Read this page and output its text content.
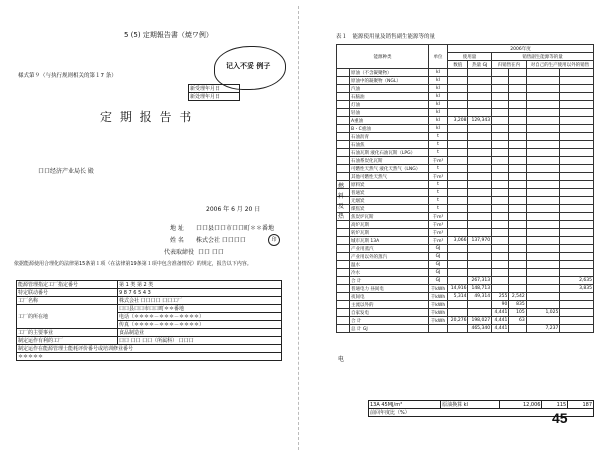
5 (5) 定期報告書（焼ワ例）
记入不妥 例子
様式第９（与执行规则相关的第１7 条）
新受理年月日
新处理年月日
定 期 报 告 书
口口经济产业局长 殿
2006 年 6 月 20 日
地 址 口口县口口市口口町＊＊番地
姓 名 株式会社 口口口口	印
代表取締役 口口 口口
依据能源使用合理化的法律第15条第１项（在法律第19条第１项中包含准备情况）的规定，报告以下内容。
能源管理指定工厂指定番号	第 1 类 第 2 类
特定联动番号	9 8 7 6 5 4 3
工厂名称	株式会社 口口口口 口口工厂
工厂的所在地	口口县口口市口口町＊＊番地
	电话（＊＊＊＊－＊＊＊－＊＊＊＊）
	传真（＊＊＊＊－＊＊＊－＊＊＊＊）
工厂的主要事业	食品制造业
制定运作有利的工厂	口口 口口 口口（所属科） 口口口
制定运作在能源管理士能耗评价番号或培训修业番号	
＊＊＊＊＊	
表１　能源使用量及销售副生能源等的量
能源种类		单位	2006年度					
			使用量		销售副生能源等的量			
			数值	热量 GJ	归销售在内		对自己的生产使用以外的销售	
	原油（不含凝聚物）	kl						
	原油中的凝聚物（NGL）	kl						
	汽油	kl						
	石脑油	kl						
	灯油	kl						
	轻油	kl						
	A重油	kl	3,208	129,343				
	B・C重油	kl						
	石油沥青	t						
	石油焦	t						
	石油瓦斯 液化石油瓦斯（LPG）	t						
	石油系炭化瓦斯	千m³						
	可燃性天然气 液化天然气（LNG）	t						
	其他可燃性天然气	千m³						
	原料炭	t						
	普通炭	t						
	无烟炭	t						
	煤焦炭	t						
	焦炭炉瓦斯	千m³						
	高炉瓦斯	千m³						
	转炉瓦斯	千m³						
	城市瓦斯 13A	千m³	3,066	137,970				
	产业用蒸汽	GJ						
	产业用以外的蒸汽	GJ						
	温水	GJ						
	冷水	GJ						
	合 计	GJ		267,313				2,635
	普通电力 昼间电	千kWh	14,916	148,713				3,835
	夜间电	千kWh	5,314	49,314	255	2,542		
	主流以外的	千kWh			90	835		
	自家发电	千kWh			4,441	105	1,025	
	合 计	千kWh	20,276	198,027	4,441	63		
	总 计 GJ			465,340	4,441		7,237	
13A 45MJ/m³	原油换算 kl	12,006	115	187
前回年度比（%）
燃 料 及 热
电
45
